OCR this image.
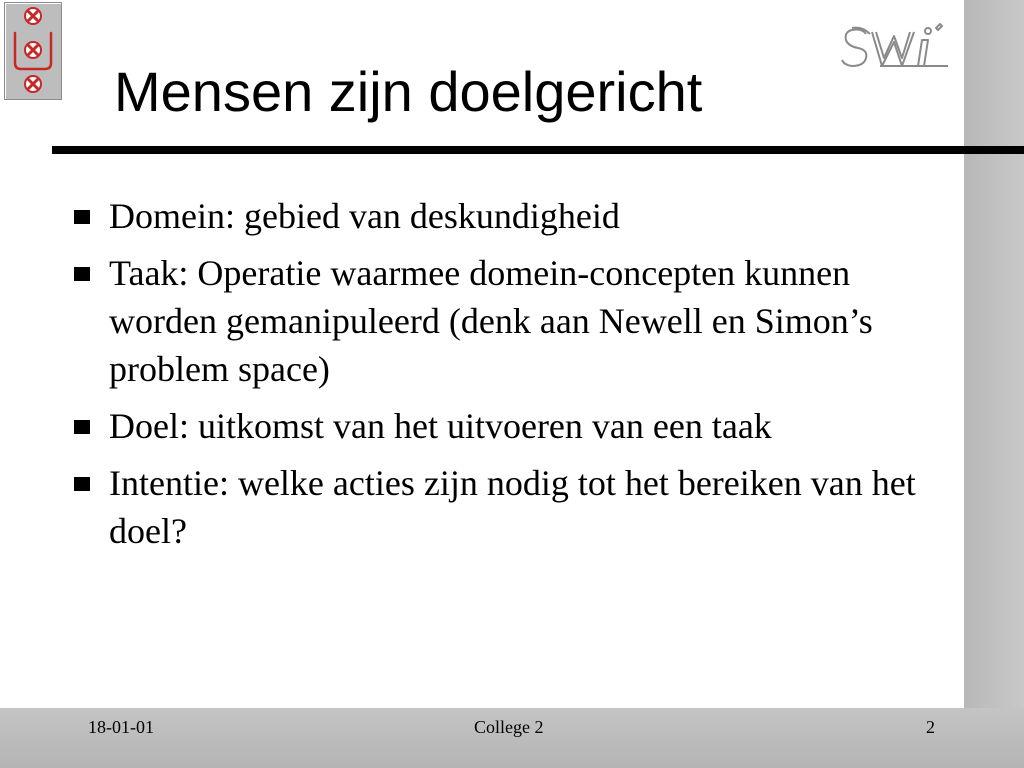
Mensen zijn doelgericht
Domein: gebied van deskundigheid
Taak: Operatie waarmee domein-concepten kunnen worden gemanipuleerd (denk aan Newell en Simon’s problem space)
Doel: uitkomst van het uitvoeren van een taak
Intentie: welke acties zijn nodig tot het bereiken van het doel?
18-01-01	College 2	2
